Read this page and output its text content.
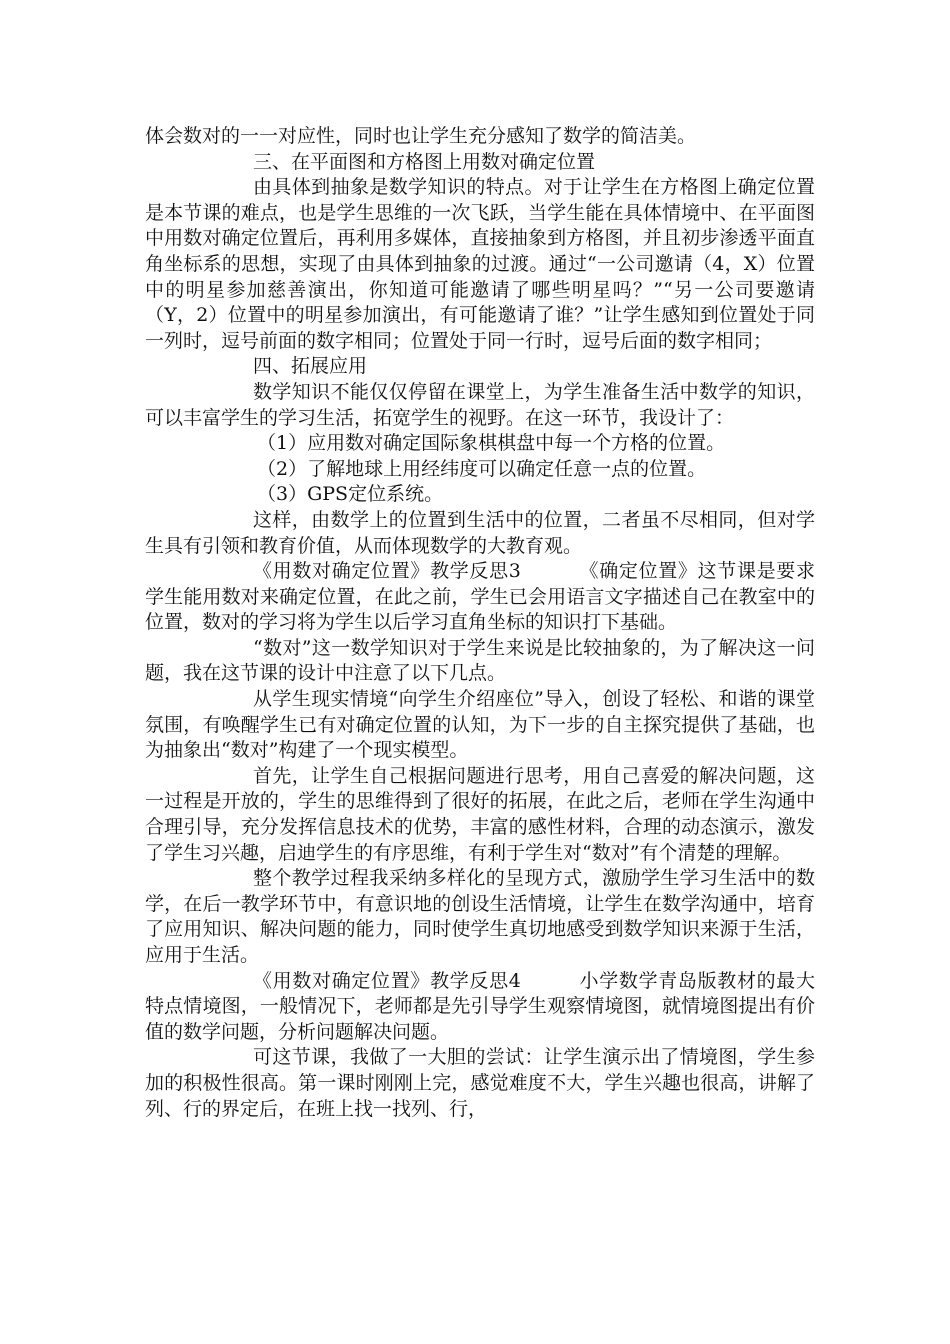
体会数对的一一对应性，同时也让学生充分感知了数学的简洁美。

三、在平面图和方格图上用数对确定位置

由具体到抽象是数学知识的特点。对于让学生在方格图上确定位置是本节课的难点，也是学生思维的一次飞跃，当学生能在具体情境中、在平面图中用数对确定位置后，再利用多媒体，直接抽象到方格图，并且初步渗透平面直角坐标系的思想，实现了由具体到抽象的过渡。通过“一公司邀请（4，X）位置中的明星参加慈善演出，你知道可能邀请了哪些明星吗？”“另一公司要邀请（Y，2）位置中的明星参加演出，有可能邀请了谁？”让学生感知到位置处于同一列时，逗号前面的数字相同；位置处于同一行时，逗号后面的数字相同；

四、拓展应用

数学知识不能仅仅停留在课堂上，为学生准备生活中数学的知识，可以丰富学生的学习生活，拓宽学生的视野。在这一环节，我设计了：

（1）应用数对确定国际象棋棋盘中每一个方格的位置。

（2）了解地球上用经纬度可以确定任意一点的位置。

（3）GPS定位系统。

这样，由数学上的位置到生活中的位置，二者虽不尽相同，但对学生具有引领和教育价值，从而体现数学的大教育观。

《用数对确定位置》教学反思3	《确定位置》这节课是要求学生能用数对来确定位置，在此之前，学生已会用语言文字描述自己在教室中的位置，数对的学习将为学生以后学习直角坐标的知识打下基础。

“数对”这一数学知识对于学生来说是比较抽象的，为了解决这一问题，我在这节课的设计中注意了以下几点。

从学生现实情境“向学生介绍座位”导入，创设了轻松、和谐的课堂氛围，有唤醒学生已有对确定位置的认知，为下一步的自主探究提供了基础，也为抽象出“数对”构建了一个现实模型。

首先，让学生自己根据问题进行思考，用自己喜爱的解决问题，这一过程是开放的，学生的思维得到了很好的拓展，在此之后，老师在学生沟通中合理引导，充分发挥信息技术的优势，丰富的感性材料，合理的动态演示，激发了学生习兴趣，启迪学生的有序思维，有利于学生对“数对”有个清楚的理解。

整个教学过程我采纳多样化的呈现方式，激励学生学习生活中的数学，在后一教学环节中，有意识地的创设生活情境，让学生在数学沟通中，培育了应用知识、解决问题的能力，同时使学生真切地感受到数学知识来源于生活，应用于生活。

《用数对确定位置》教学反思4	小学数学青岛版教材的最大特点情境图，一般情况下，老师都是先引导学生观察情境图，就情境图提出有价值的数学问题，分析问题解决问题。

可这节课，我做了一大胆的尝试：让学生演示出了情境图，学生参加的积极性很高。第一课时刚刚上完，感觉难度不大，学生兴趣也很高，讲解了列、行的界定后，在班上找一找列、行，
